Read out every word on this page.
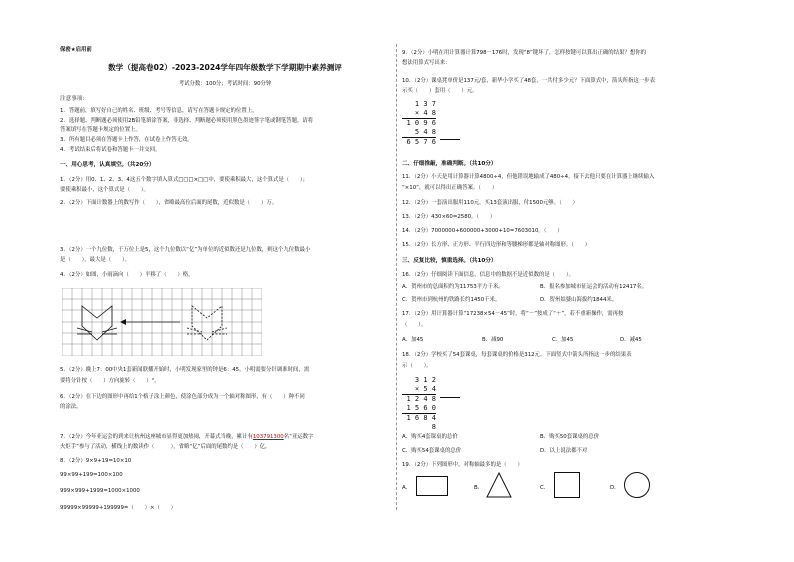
保密★启用前
数学（提高卷02）-2023-2024学年四年级数学下学期期中素养测评
考试分数：100分；考试时间：90分钟
注意事项：
1．答题前，填写好自己的姓名、班级、考号等信息，请写在答题卡规定的位置上。
2．选择题、判断题必须使用2B铅笔填涂答案，非选择、判断题必须使用黑色墨迹签字笔或钢笔答题，请将
答案填写在答题卡规定的位置上。
3．所有题目必须在答题卡上作答，在试卷上作答无效。
4．考试结束后将试卷和答题卡一并交回。
一、用心思考，认真填空。（共20分）
1．（2分）用0、1、2、3、4这五个数字填入算式□□□×□□中，要使乘积最大，这个算式是（　　）；
要使乘积最小，这个算式是（　　）。
2．（2分）下面计数器上的数写作（　　），省略最高位后面的尾数，近似数是（　　）万。
3．（2分）一个九位数，千万位上是5，这个九位数以“亿”为单位的近似数还是九位数，则这个九位数最小
是（　　），最大是（　　）。
4．（2分）如图，小雨滴向（　　）平移了（　　）格。
5．（2分）晚上7：00中央1套新闻联播开始时，小明发现家里的钟是6：45，小明需要分针调准时间，需
要将分针按（　　）方向旋转（　　）°。
6．（2分）在下边的图形中再给1个格子涂上颜色，使涂色部分成为一个轴对称图形，有（　　）种不同
的涂法。
7．（2分）今年亚运会的到来让杭州这座城市显得更加热闹，开幕式当晚，累计有103791300名“亚运数字
火炬手”参与了活动，横线上的数读作（　　　），省略“亿”后面的尾数约是（　　）亿。
8．（2分）9×9+19=10×10
99×99+199=100×100
999×999+1999=1000×1000
99999×99999+199999=（　　）×（　　）
9．（2分）小明在用计算器计算798－176时，发现“8”键坏了，怎样按键可以算出正确的结果？想你的
想法用算式写出来：
10．（2分）课桌凳单价是137元/套，新华小学买了48套，一共付多少元？下面算式中，箭头所指这一步表
示买（　　）套用（　　）元。
1 3 7
× 4 8
1 0 9 6
5 4 8
6 5 7 6
二、仔细推敲，准确判断。（共10分）
11．（2分）小天是用计算器计算4800÷4，但他错误地输成了480÷4，接下去他只要在计算器上继续输入
“×10”，就可以得出正确答案。（　　）
12．（2分）一套演出服用110元，买13套演出服，付1500元够。（　　）
13．（2分）430×60=2580。（　　）
14．（2分）7000000+600000+3000+10=7603010。（　　）
15．（2分）长方形、正方形、平行四边形和等腰梯形都是轴对称图形。（　　）
三、反复比较，慎重选择。（共10分）
16．（2分）仔细阅读下面信息，信息中的数据不是近似数的是（　　）。
A．贺州市的总面积约为11753平方千米。	B．报名参加城市征运会的活动有12417名。
C．贺州市到杭州的铁路长约1450千米。	D．贺州姑婆山海拔约1844米。
17．（2分）用计算器计算“17238×54－45”时，将“－”按成了“＋”，若不重新操作，需再按
（　　）。
A．加45	B．减90	C．加45	D．减45
18．（2分）学校买了54套课桌，每套课桌的价格是312元。下面竖式中箭头所指这一步的结果表
示（　　）。
3 1 2
× 5 4
1 2 4 8
1 5 6 0
1 6 8 4 8
A．购买4套课桌的总价	B．购买50套课桌的总价
C．购买54套课桌的总价	D．以上说法都不对
19．（2分）下列图形中，对称轴最多的是（　　）
A．	B．	C．	D．
